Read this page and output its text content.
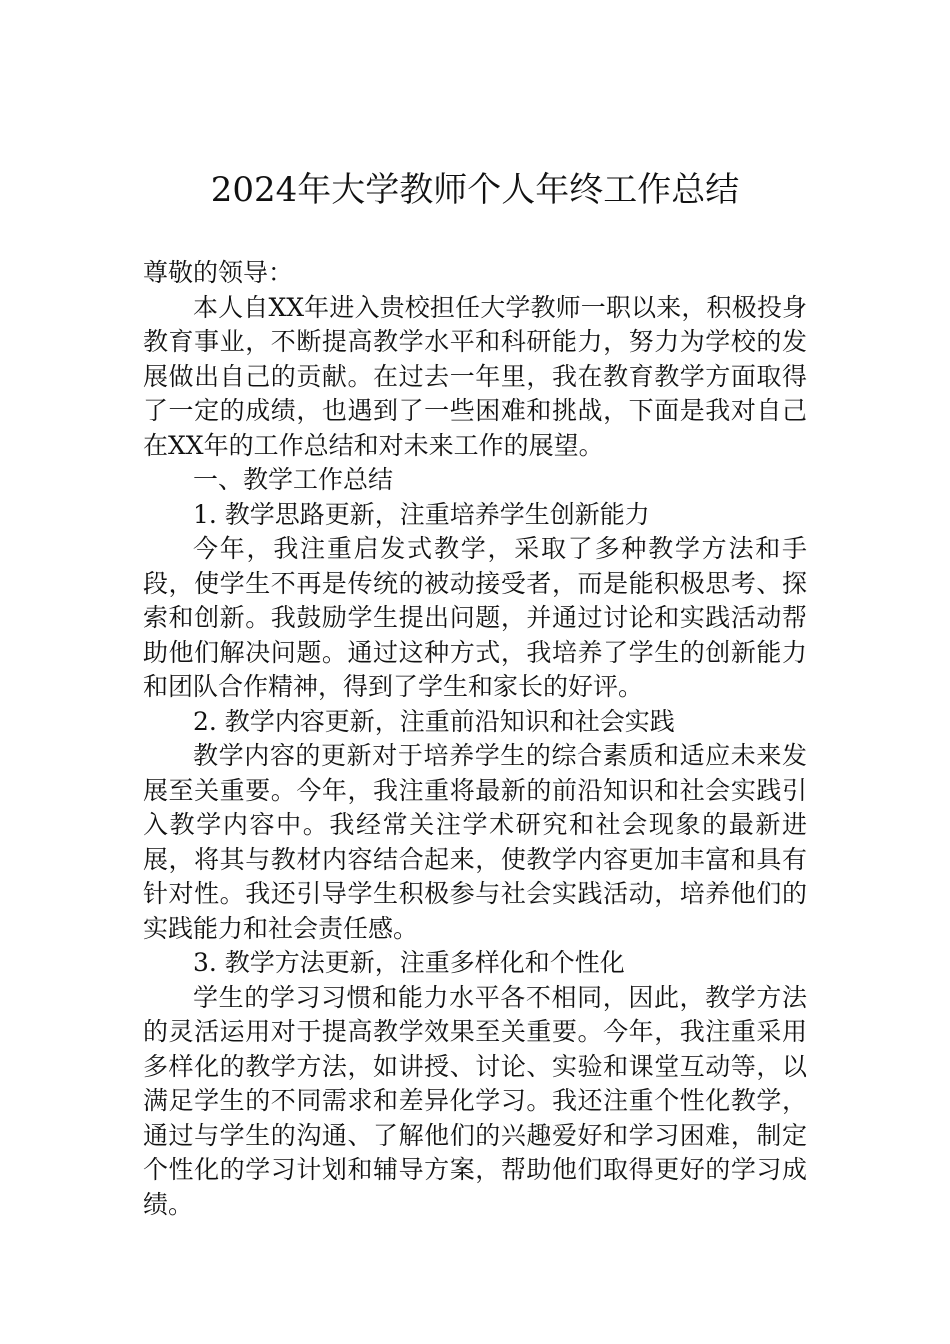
2024年大学教师个人年终工作总结

尊敬的领导：

本人自XX年进入贵校担任大学教师一职以来，积极投身教育事业，不断提高教学水平和科研能力，努力为学校的发展做出自己的贡献。在过去一年里，我在教育教学方面取得了一定的成绩，也遇到了一些困难和挑战，下面是我对自己在XX年的工作总结和对未来工作的展望。

一、教学工作总结

1. 教学思路更新，注重培养学生创新能力

今年，我注重启发式教学，采取了多种教学方法和手段，使学生不再是传统的被动接受者，而是能积极思考、探索和创新。我鼓励学生提出问题，并通过讨论和实践活动帮助他们解决问题。通过这种方式，我培养了学生的创新能力和团队合作精神，得到了学生和家长的好评。

2. 教学内容更新，注重前沿知识和社会实践

教学内容的更新对于培养学生的综合素质和适应未来发展至关重要。今年，我注重将最新的前沿知识和社会实践引入教学内容中。我经常关注学术研究和社会现象的最新进展，将其与教材内容结合起来，使教学内容更加丰富和具有针对性。我还引导学生积极参与社会实践活动，培养他们的实践能力和社会责任感。

3. 教学方法更新，注重多样化和个性化

学生的学习习惯和能力水平各不相同，因此，教学方法的灵活运用对于提高教学效果至关重要。今年，我注重采用多样化的教学方法，如讲授、讨论、实验和课堂互动等，以满足学生的不同需求和差异化学习。我还注重个性化教学，通过与学生的沟通、了解他们的兴趣爱好和学习困难，制定个性化的学习计划和辅导方案，帮助他们取得更好的学习成绩。
